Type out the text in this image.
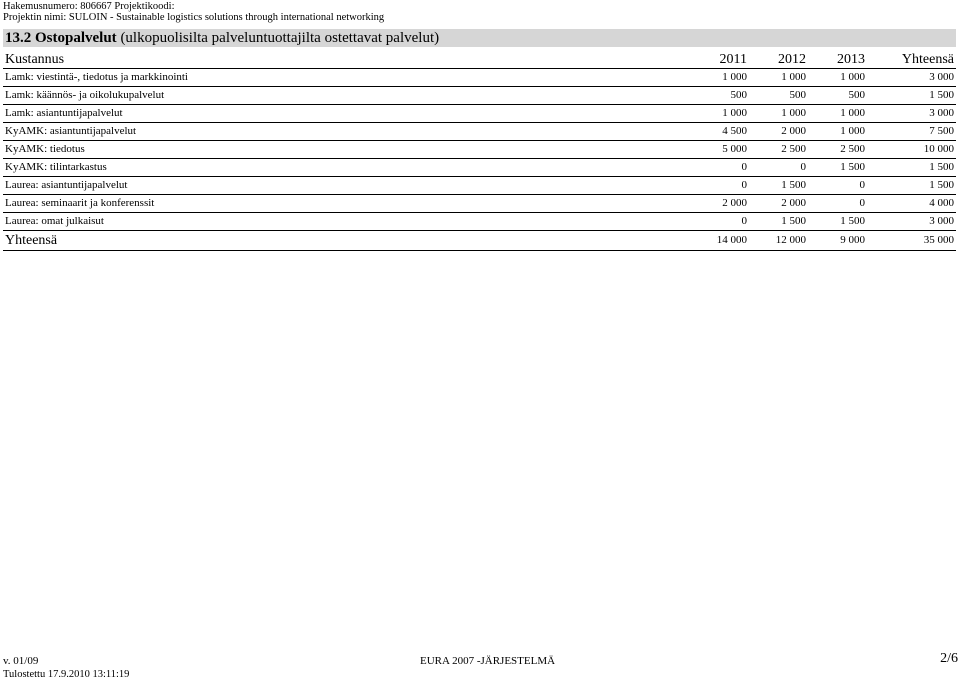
Hakemusnumero: 806667 Projektikoodi:
Projektin nimi: SULOIN - Sustainable logistics solutions through international networking
13.2 Ostopalvelut (ulkopuolisilta palveluntuottajilta ostettavat palvelut)
Kustannus	2011	2012	2013	Yhteensä
Lamk: viestintä-, tiedotus ja markkinointi	1 000	1 000	1 000	3 000
Lamk: käännös- ja oikolukupalvelut	500	500	500	1 500
Lamk: asiantuntijapalvelut	1 000	1 000	1 000	3 000
KyAMK: asiantuntijapalvelut	4 500	2 000	1 000	7 500
KyAMK: tiedotus	5 000	2 500	2 500	10 000
KyAMK: tilintarkastus	0	0	1 500	1 500
Laurea: asiantuntijapalvelut	0	1 500	0	1 500
Laurea: seminaarit ja konferenssit	2 000	2 000	0	4 000
Laurea: omat julkaisut	0	1 500	1 500	3 000
Yhteensä	14 000	12 000	9 000	35 000
v. 01/09	EURA 2007 -JÄRJESTELMÄ	2/6
Tulostettu 17.9.2010 13:11:19
